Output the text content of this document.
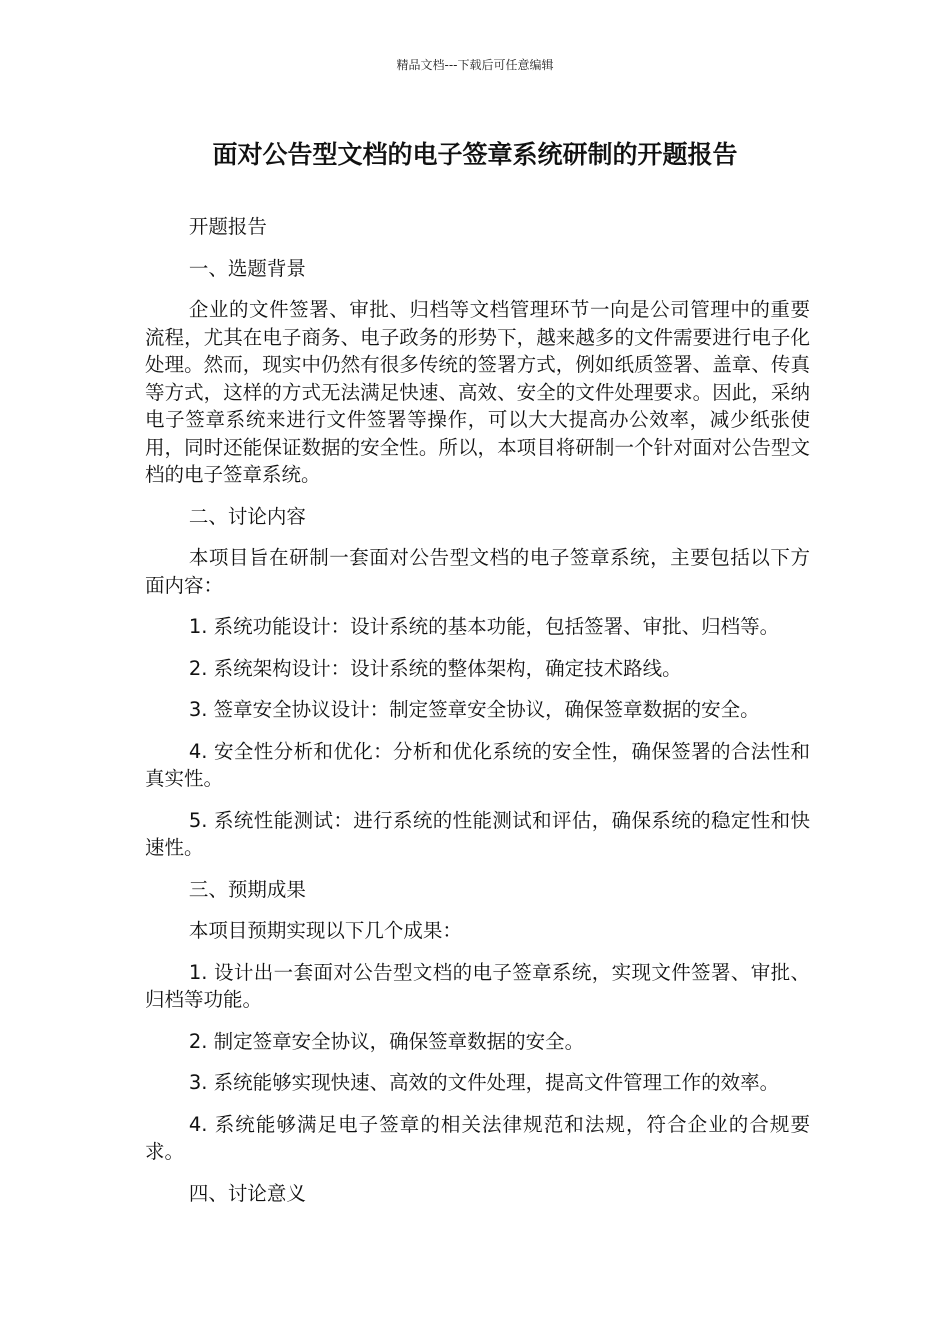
精品文档---下载后可任意编辑
面对公告型文档的电子签章系统研制的开题报告

开题报告

一、选题背景

企业的文件签署、审批、归档等文档管理环节一向是公司管理中的重要流程，尤其在电子商务、电子政务的形势下，越来越多的文件需要进行电子化处理。然而，现实中仍然有很多传统的签署方式，例如纸质签署、盖章、传真等方式，这样的方式无法满足快速、高效、安全的文件处理要求。因此，采纳电子签章系统来进行文件签署等操作，可以大大提高办公效率，减少纸张使用，同时还能保证数据的安全性。所以，本项目将研制一个针对面对公告型文档的电子签章系统。

二、讨论内容

本项目旨在研制一套面对公告型文档的电子签章系统，主要包括以下方面内容：

1. 系统功能设计：设计系统的基本功能，包括签署、审批、归档等。

2. 系统架构设计：设计系统的整体架构，确定技术路线。

3. 签章安全协议设计：制定签章安全协议，确保签章数据的安全。

4. 安全性分析和优化：分析和优化系统的安全性，确保签署的合法性和真实性。

5. 系统性能测试：进行系统的性能测试和评估，确保系统的稳定性和快速性。

三、预期成果

本项目预期实现以下几个成果：

1. 设计出一套面对公告型文档的电子签章系统，实现文件签署、审批、归档等功能。

2. 制定签章安全协议，确保签章数据的安全。

3. 系统能够实现快速、高效的文件处理，提高文件管理工作的效率。

4. 系统能够满足电子签章的相关法律规范和法规，符合企业的合规要求。

四、讨论意义
